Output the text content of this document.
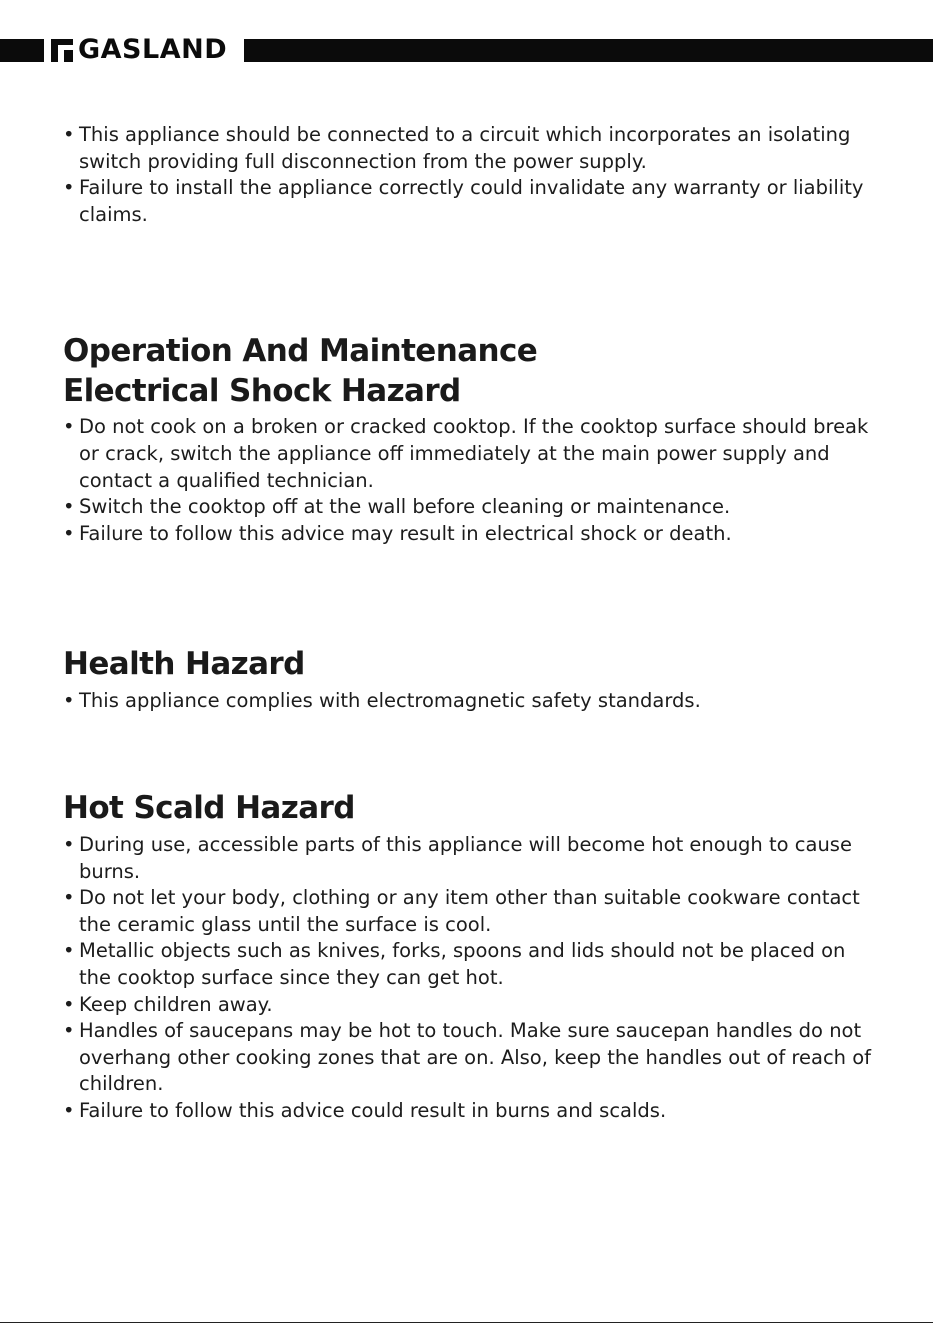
GASLAND
• This appliance should be connected to a circuit which incorporates an isolating switch providing full disconnection from the power supply.
• Failure to install the appliance correctly could invalidate any warranty or liability claims.
Operation And Maintenance
Electrical Shock Hazard
• Do not cook on a broken or cracked cooktop. If the cooktop surface should break or crack, switch the appliance off immediately at the main power supply and contact a qualified technician.
• Switch the cooktop off at the wall before cleaning or maintenance.
• Failure to follow this advice may result in electrical shock or death.
Health Hazard
• This appliance complies with electromagnetic safety standards.
Hot Scald Hazard
• During use, accessible parts of this appliance will become hot enough to cause burns.
• Do not let your body, clothing or any item other than suitable cookware contact the ceramic glass until the surface is cool.
• Metallic objects such as knives, forks, spoons and lids should not be placed on the cooktop surface since they can get hot.
• Keep children away.
• Handles of saucepans may be hot to touch. Make sure saucepan handles do not overhang other cooking zones that are on. Also, keep the handles out of reach of children.
• Failure to follow this advice could result in burns and scalds.
